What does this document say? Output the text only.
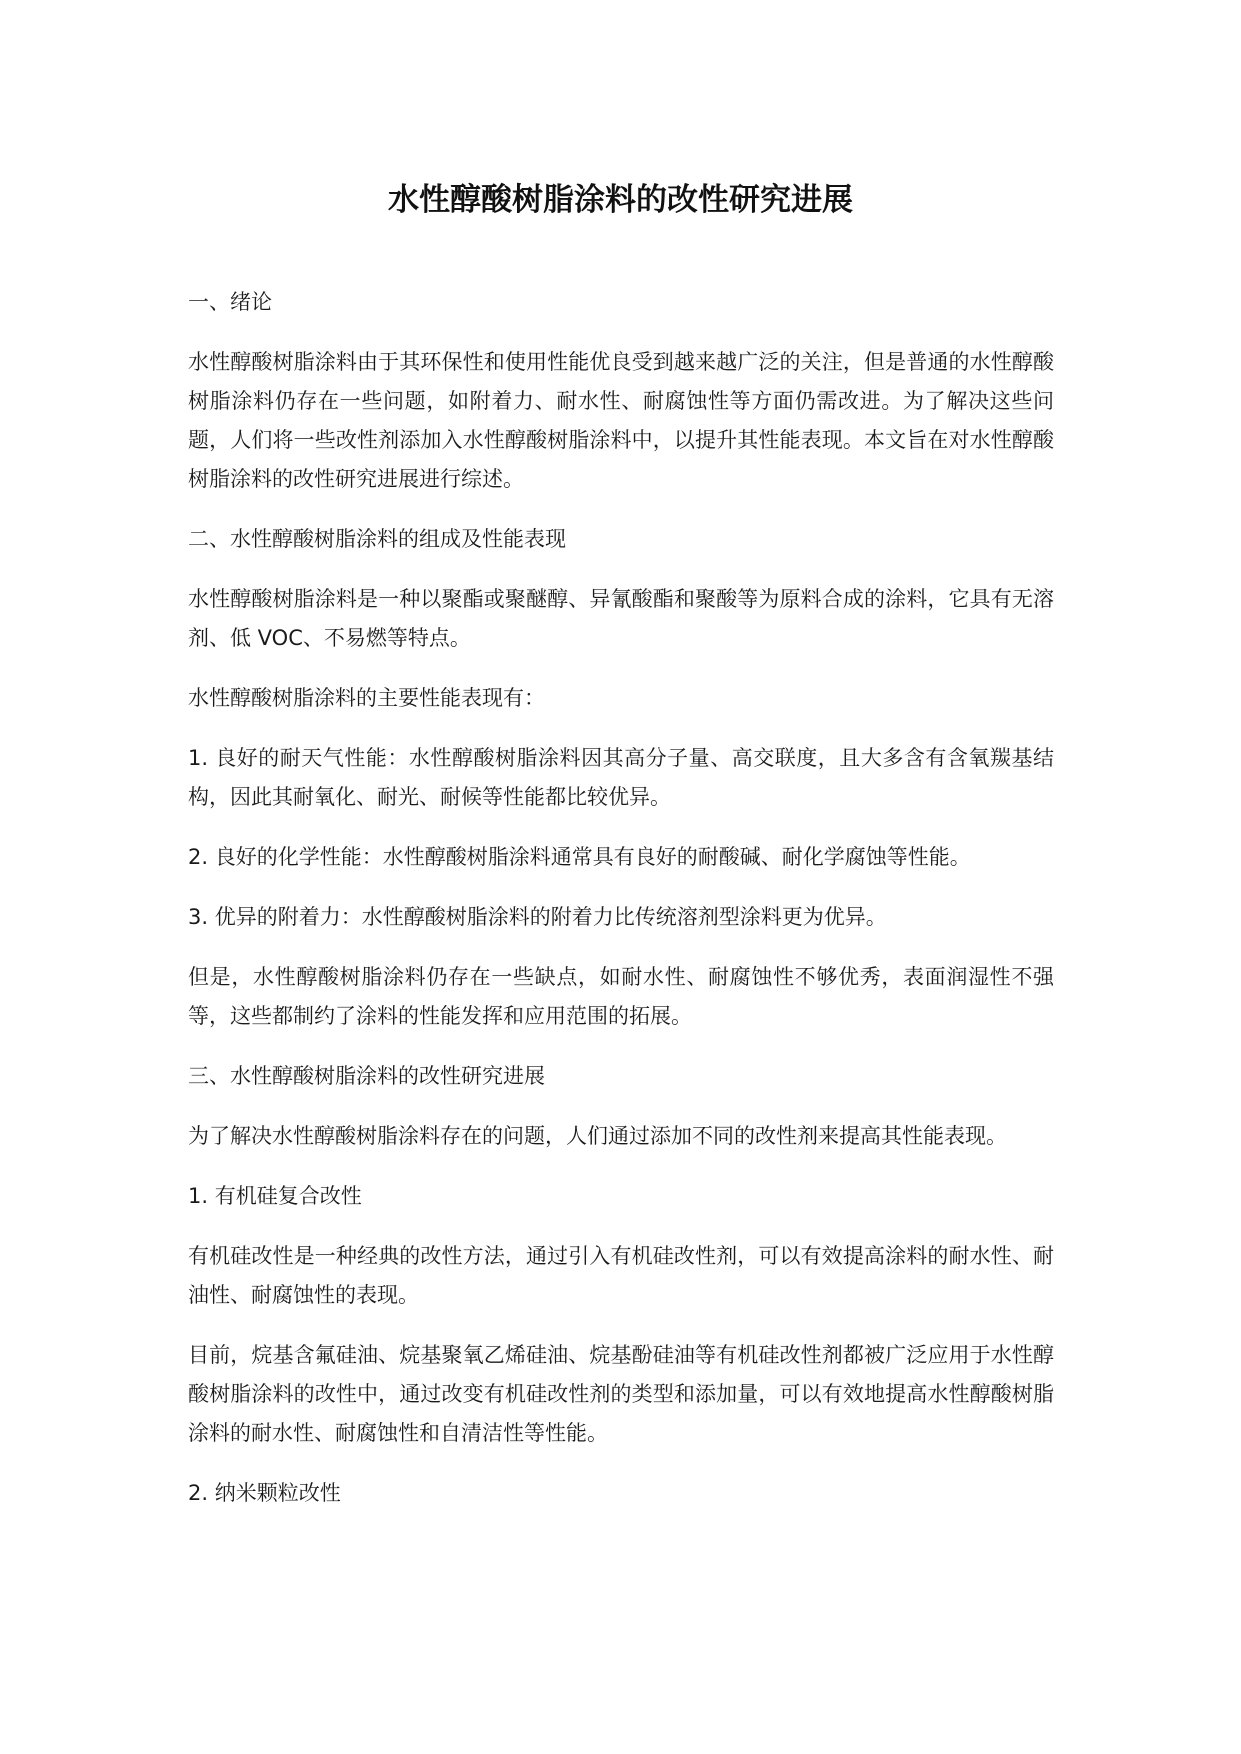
水性醇酸树脂涂料的改性研究进展

一、绪论

水性醇酸树脂涂料由于其环保性和使用性能优良受到越来越广泛的关注，但是普通的水性醇酸树脂涂料仍存在一些问题，如附着力、耐水性、耐腐蚀性等方面仍需改进。为了解决这些问题，人们将一些改性剂添加入水性醇酸树脂涂料中，以提升其性能表现。本文旨在对水性醇酸树脂涂料的改性研究进展进行综述。

二、水性醇酸树脂涂料的组成及性能表现

水性醇酸树脂涂料是一种以聚酯或聚醚醇、异氰酸酯和聚酸等为原料合成的涂料，它具有无溶剂、低 VOC、不易燃等特点。

水性醇酸树脂涂料的主要性能表现有：

1. 良好的耐天气性能：水性醇酸树脂涂料因其高分子量、高交联度，且大多含有含氧羰基结构，因此其耐氧化、耐光、耐候等性能都比较优异。

2. 良好的化学性能：水性醇酸树脂涂料通常具有良好的耐酸碱、耐化学腐蚀等性能。

3. 优异的附着力：水性醇酸树脂涂料的附着力比传统溶剂型涂料更为优异。

但是，水性醇酸树脂涂料仍存在一些缺点，如耐水性、耐腐蚀性不够优秀，表面润湿性不强等，这些都制约了涂料的性能发挥和应用范围的拓展。

三、水性醇酸树脂涂料的改性研究进展

为了解决水性醇酸树脂涂料存在的问题，人们通过添加不同的改性剂来提高其性能表现。

1. 有机硅复合改性

有机硅改性是一种经典的改性方法，通过引入有机硅改性剂，可以有效提高涂料的耐水性、耐油性、耐腐蚀性的表现。

目前，烷基含氟硅油、烷基聚氧乙烯硅油、烷基酚硅油等有机硅改性剂都被广泛应用于水性醇酸树脂涂料的改性中，通过改变有机硅改性剂的类型和添加量，可以有效地提高水性醇酸树脂涂料的耐水性、耐腐蚀性和自清洁性等性能。

2. 纳米颗粒改性
